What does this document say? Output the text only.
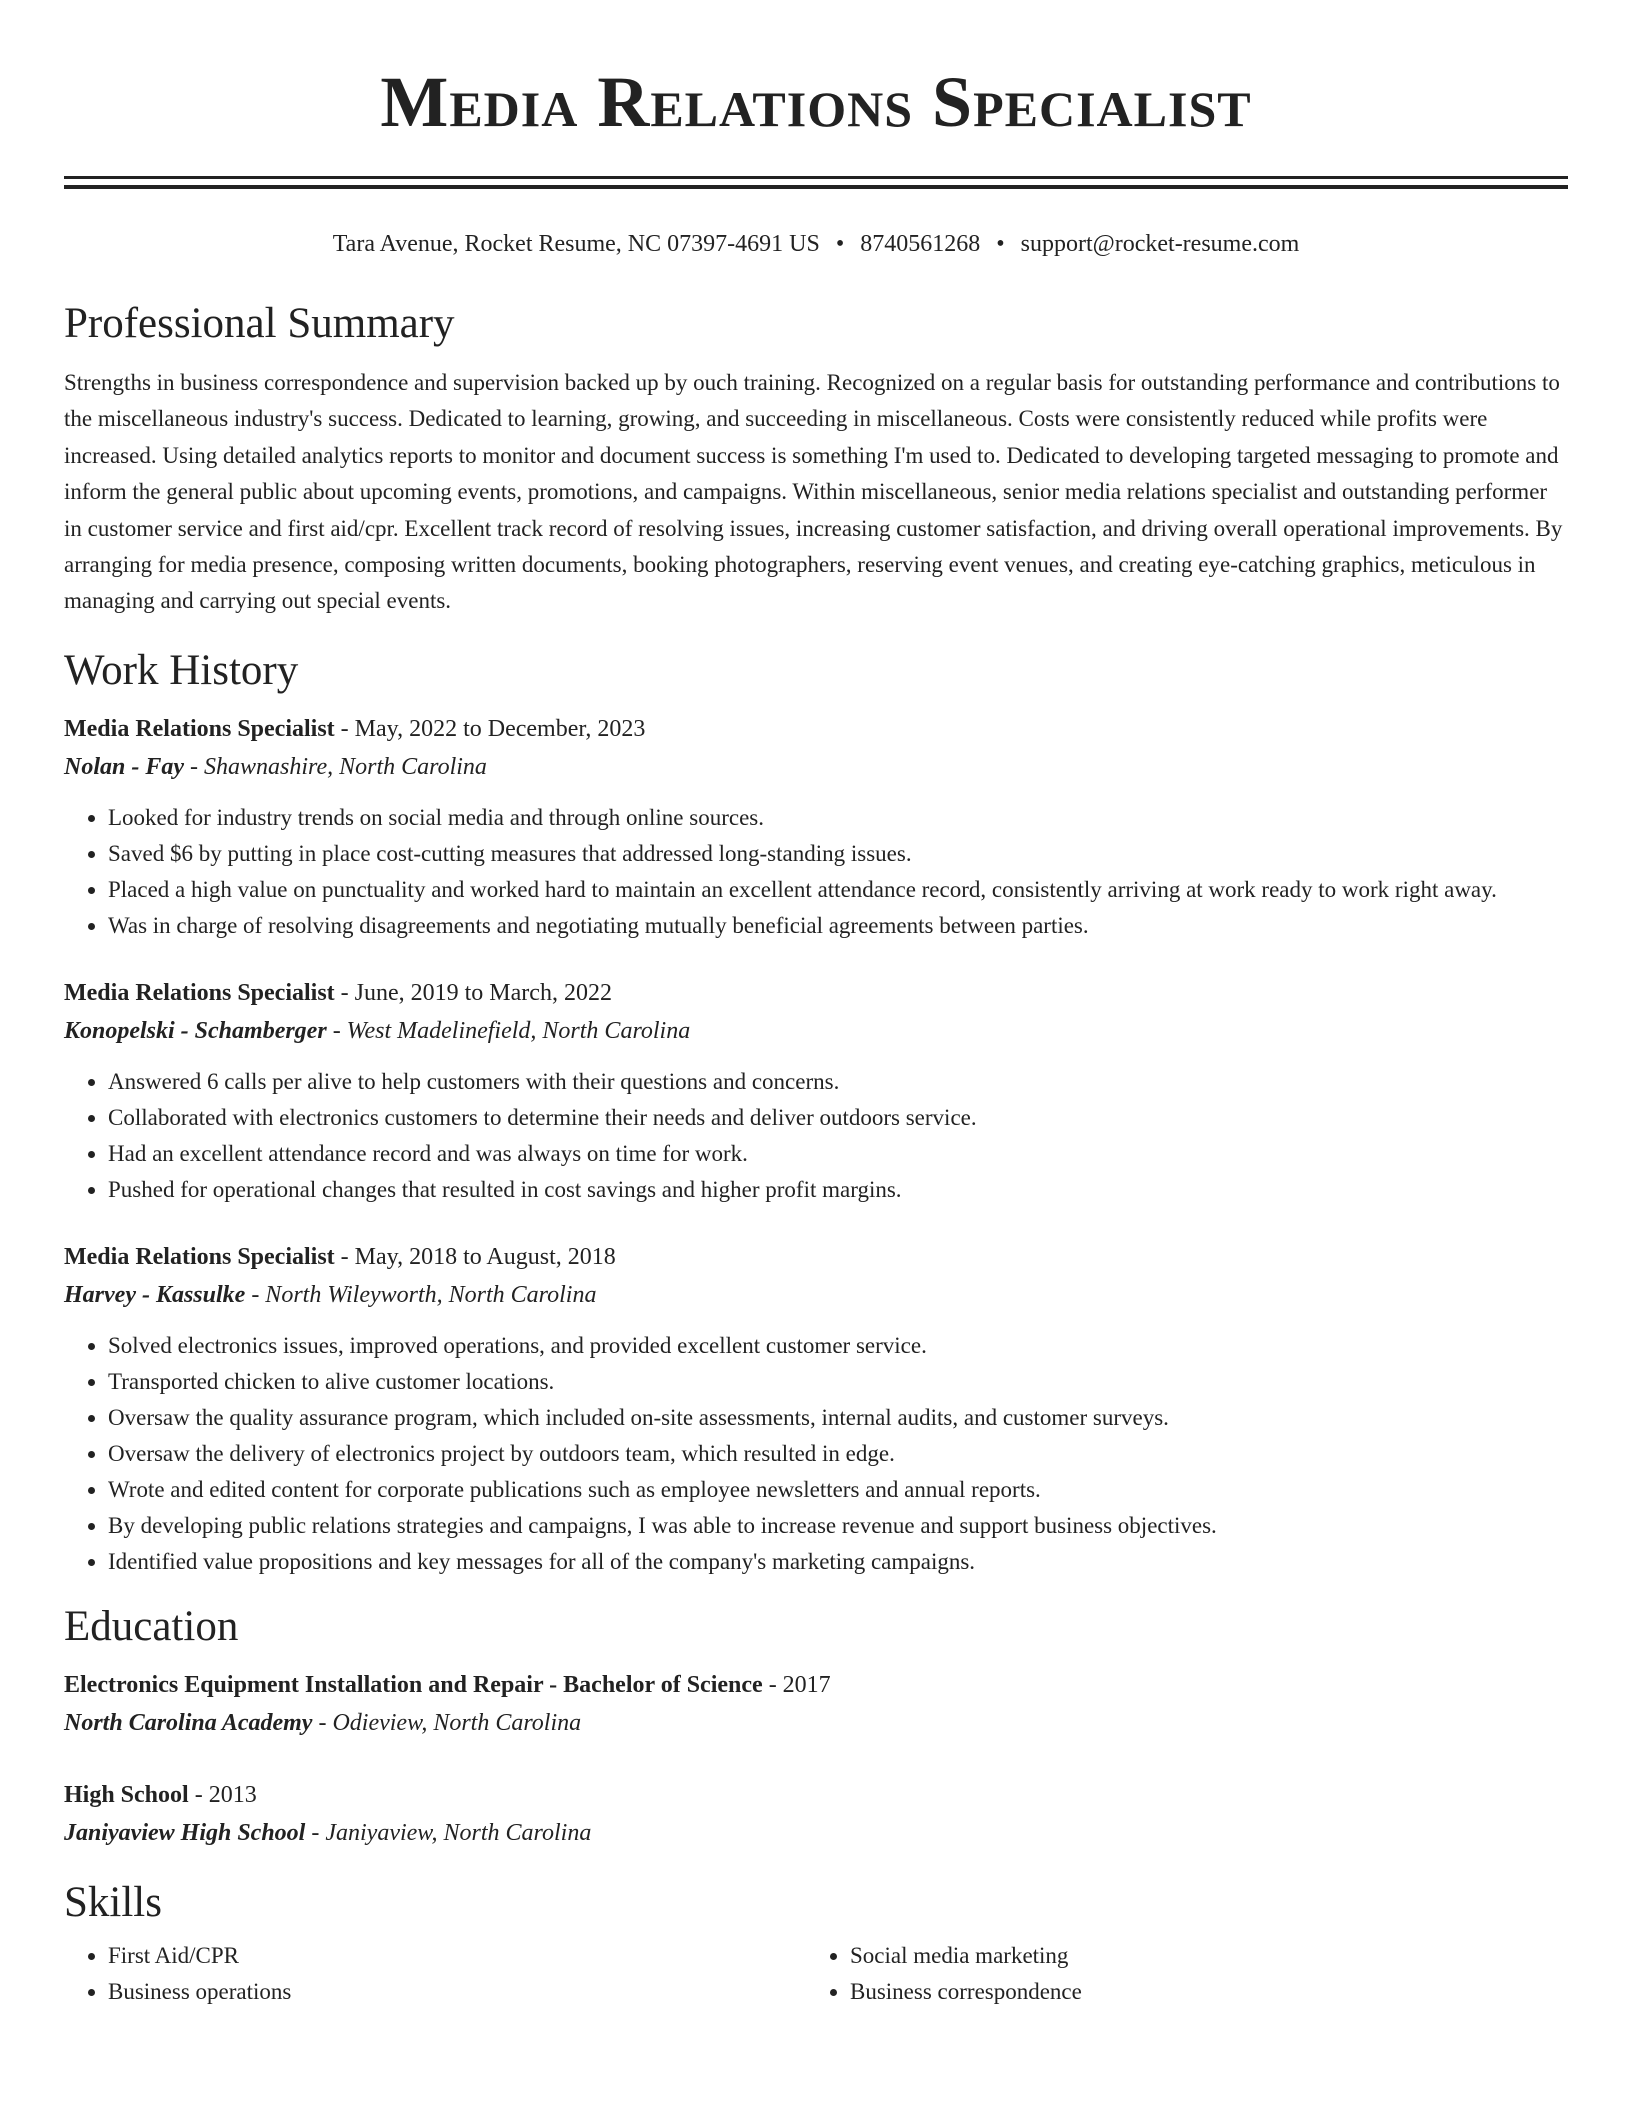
Media Relations Specialist
Tara Avenue, Rocket Resume, NC 07397-4691 US • 8740561268 • support@rocket-resume.com
Professional Summary

Strengths in business correspondence and supervision backed up by ouch training. Recognized on a regular basis for outstanding performance and contributions to the miscellaneous industry's success. Dedicated to learning, growing, and succeeding in miscellaneous. Costs were consistently reduced while profits were increased. Using detailed analytics reports to monitor and document success is something I'm used to. Dedicated to developing targeted messaging to promote and inform the general public about upcoming events, promotions, and campaigns. Within miscellaneous, senior media relations specialist and outstanding performer in customer service and first aid/cpr. Excellent track record of resolving issues, increasing customer satisfaction, and driving overall operational improvements. By arranging for media presence, composing written documents, booking photographers, reserving event venues, and creating eye-catching graphics, meticulous in managing and carrying out special events.

Work History
Media Relations Specialist - May, 2022 to December, 2023
Nolan - Fay - Shawnashire, North Carolina
• Looked for industry trends on social media and through online sources.
• Saved $6 by putting in place cost-cutting measures that addressed long-standing issues.
• Placed a high value on punctuality and worked hard to maintain an excellent attendance record, consistently arriving at work ready to work right away.
• Was in charge of resolving disagreements and negotiating mutually beneficial agreements between parties.
Media Relations Specialist - June, 2019 to March, 2022
Konopelski - Schamberger - West Madelinefield, North Carolina
• Answered 6 calls per alive to help customers with their questions and concerns.
• Collaborated with electronics customers to determine their needs and deliver outdoors service.
• Had an excellent attendance record and was always on time for work.
• Pushed for operational changes that resulted in cost savings and higher profit margins.
Media Relations Specialist - May, 2018 to August, 2018
Harvey - Kassulke - North Wileyworth, North Carolina
• Solved electronics issues, improved operations, and provided excellent customer service.
• Transported chicken to alive customer locations.
• Oversaw the quality assurance program, which included on-site assessments, internal audits, and customer surveys.
• Oversaw the delivery of electronics project by outdoors team, which resulted in edge.
• Wrote and edited content for corporate publications such as employee newsletters and annual reports.
• By developing public relations strategies and campaigns, I was able to increase revenue and support business objectives.
• Identified value propositions and key messages for all of the company's marketing campaigns.
Education
Electronics Equipment Installation and Repair - Bachelor of Science - 2017
North Carolina Academy - Odieview, North Carolina
High School - 2013
Janiyaview High School - Janiyaview, North Carolina
Skills
• First Aid/CPR
• Business operations
• Social media marketing
• Business correspondence
